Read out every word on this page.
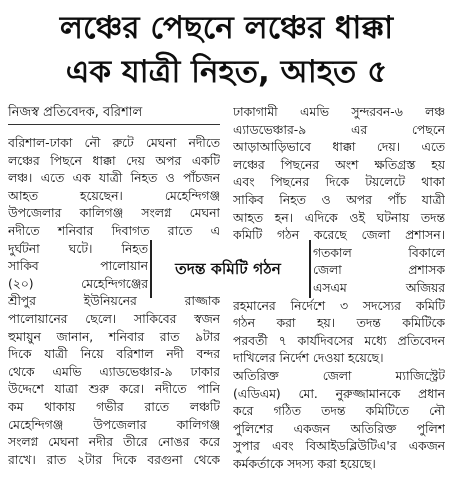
লঞ্চের পেছনে লঞ্চের ধাক্কা
এক যাত্রী নিহত, আহত ৫
নিজস্ব প্রতিবেদক, বরিশাল
বরিশাল-ঢাকা নৌ রুটে মেঘনা নদীতে
লঞ্চের পিছনে ধাক্কা দেয় অপর একটি
লঞ্চ। এতে এক যাত্রী নিহত ও পাঁচজন
আহত হয়েছেন। মেহেন্দিগঞ্জ
উপজেলার কালিগঞ্জ সংলগ্ন মেঘনা
নদীতে শনিবার দিবাগত রাতে এ
দুর্ঘটনা ঘটে। নিহত
সাকিব পালোয়ান
(২০) মেহেন্দিগঞ্জের
শ্রীপুর ইউনিয়নের রাজ্জাক
পালোয়ানের ছেলে। সাকিবের স্বজন
হুমায়ুন জানান, শনিবার রাত ৯টার
দিকে যাত্রী নিয়ে বরিশাল নদী বন্দর
থেকে এমভি এ্যাডভেঞ্চার-৯ ঢাকার
উদ্দেশে যাত্রা শুরু করে। নদীতে পানি
কম থাকায় গভীর রাতে লঞ্চটি
মেহেন্দিগঞ্জ উপজেলার কালিগঞ্জ
সংলগ্ন মেঘনা নদীর তীরে নোঙর করে
রাখে। রাত ২টার দিকে বরগুনা থেকে
ঢাকাগামী এমভি সুন্দরবন-৬ লঞ্চ
এ্যাডভেঞ্চার-৯ এর পেছনে
আড়াআড়িভাবে ধাক্কা দেয়। এতে
লঞ্চের পিছনের অংশ ক্ষতিগ্রস্ত হয়
এবং পিছনের দিকে টয়লেটে থাকা
সাকিব নিহত ও অপর পাঁচ যাত্রী
আহত হন। এদিকে ওই ঘটনায় তদন্ত
কমিটি গঠন করেছে জেলা প্রশাসন।
গতকাল বিকালে
জেলা প্রশাসক
এসএম অজিয়র
রহমানের নির্দেশে ৩ সদস্যের কমিটি
গঠন করা হয়। তদন্ত কমিটিকে
পরবর্তী ৭ কার্যদিবসের মধ্যে প্রতিবেদন
দাখিলের নির্দেশ দেওয়া হয়েছে।
অতিরিক্ত জেলা ম্যাজিস্ট্রেট
(এডিএম) মো. নুরুজ্জামানকে প্রধান
করে গঠিত তদন্ত কমিটিতে নৌ
পুলিশের একজন অতিরিক্ত পুলিশ
সুপার এবং বিআইডব্লিউটিএ'র একজন
কর্মকর্তাকে সদস্য করা হয়েছে।
তদন্ত কমিটি গঠন
